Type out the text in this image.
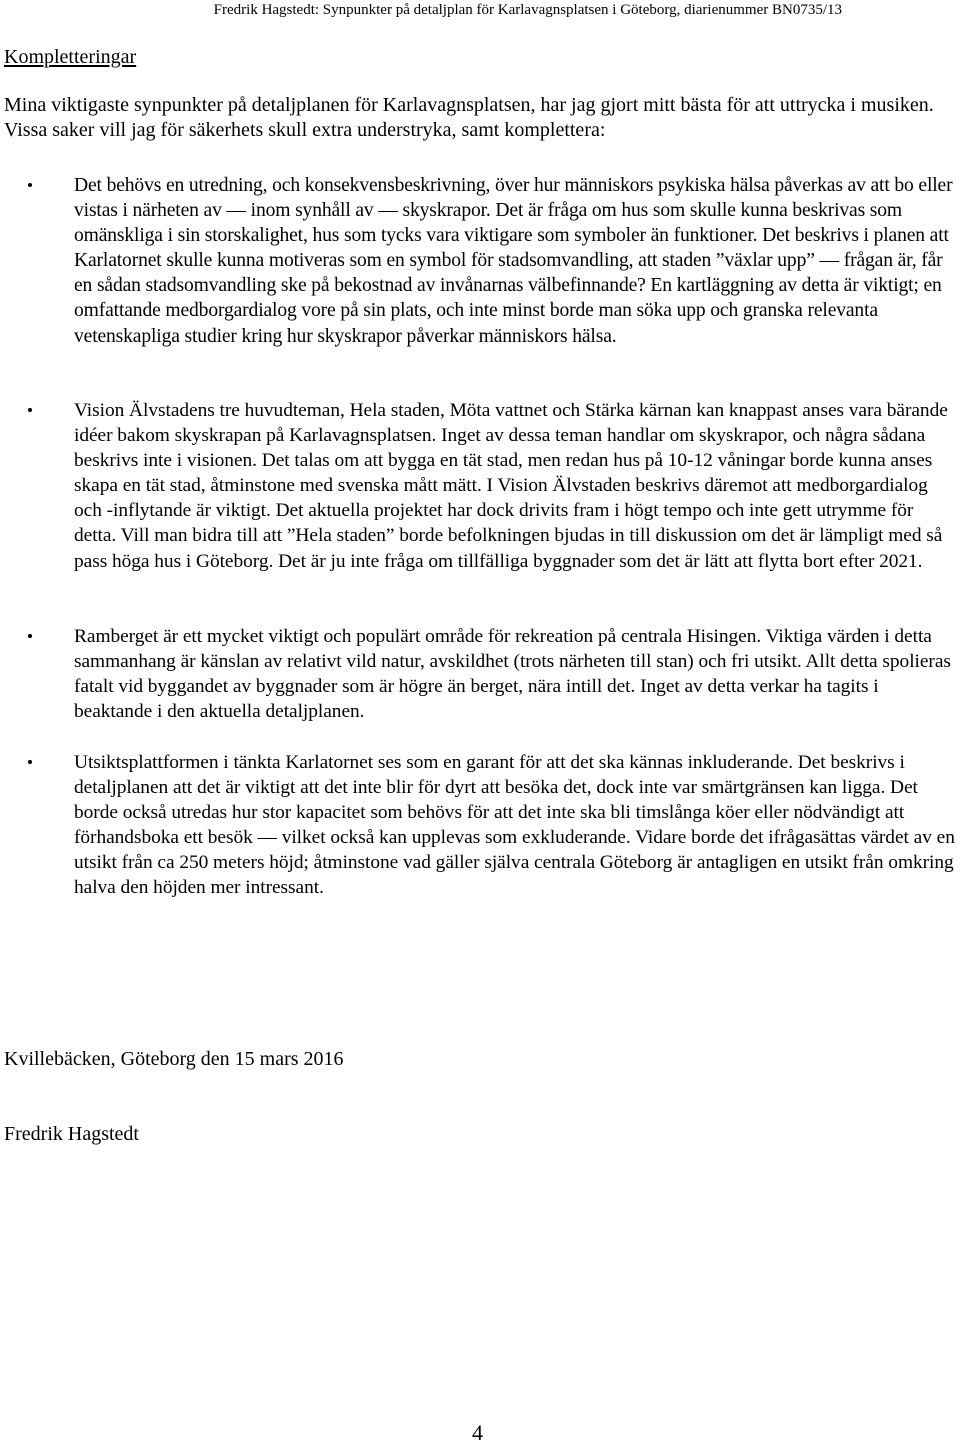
Fredrik Hagstedt: Synpunkter på detaljplan för Karlavagnsplatsen i Göteborg, diarienummer BN0735/13
Kompletteringar

Mina viktigaste synpunkter på detaljplanen för Karlavagnsplatsen, har jag gjort mitt bästa för att uttrycka i musiken. Vissa saker vill jag för säkerhets skull extra understryka, samt komplettera:

Det behövs en utredning, och konsekvensbeskrivning, över hur människors psykiska hälsa påverkas av att bo eller vistas i närheten av — inom synhåll av — skyskrapor. Det är fråga om hus som skulle kunna beskrivas som omänskliga i sin storskalighet, hus som tycks vara viktigare som symboler än funktioner. Det beskrivs i planen att Karlatornet skulle kunna motiveras som en symbol för stadsomvandling, att staden ”växlar upp” — frågan är, får en sådan stadsomvandling ske på bekostnad av invånarnas välbefinnande? En kartläggning av detta är viktigt; en omfattande medborgardialog vore på sin plats, och inte minst borde man söka upp och granska relevanta vetenskapliga studier kring hur skyskrapor påverkar människors hälsa.

Vision Älvstadens tre huvudteman, Hela staden, Möta vattnet och Stärka kärnan kan knappast anses vara bärande idéer bakom skyskrapan på Karlavagnsplatsen. Inget av dessa teman handlar om skyskrapor, och några sådana beskrivs inte i visionen. Det talas om att bygga en tät stad, men redan hus på 10-12 våningar borde kunna anses skapa en tät stad, åtminstone med svenska mått mätt. I Vision Älvstaden beskrivs däremot att medborgardialog och -inflytande är viktigt. Det aktuella projektet har dock drivits fram i högt tempo och inte gett utrymme för detta. Vill man bidra till att ”Hela staden” borde befolkningen bjudas in till diskussion om det är lämpligt med så pass höga hus i Göteborg. Det är ju inte fråga om tillfälliga byggnader som det är lätt att flytta bort efter 2021.

Ramberget är ett mycket viktigt och populärt område för rekreation på centrala Hisingen. Viktiga värden i detta sammanhang är känslan av relativt vild natur, avskildhet (trots närheten till stan) och fri utsikt. Allt detta spolieras fatalt vid byggandet av byggnader som är högre än berget, nära intill det. Inget av detta verkar ha tagits i beaktande i den aktuella detaljplanen.

Utsiktsplattformen i tänkta Karlatornet ses som en garant för att det ska kännas inkluderande. Det beskrivs i detaljplanen att det är viktigt att det inte blir för dyrt att besöka det, dock inte var smärtgränsen kan ligga. Det borde också utredas hur stor kapacitet som behövs för att det inte ska bli timslånga köer eller nödvändigt att förhandsboka ett besök — vilket också kan upplevas som exkluderande. Vidare borde det ifrågasättas värdet av en utsikt från ca 250 meters höjd; åtminstone vad gäller själva centrala Göteborg är antagligen en utsikt från omkring halva den höjden mer intressant.

Kvillebäcken, Göteborg den 15 mars 2016
Fredrik Hagstedt
4
